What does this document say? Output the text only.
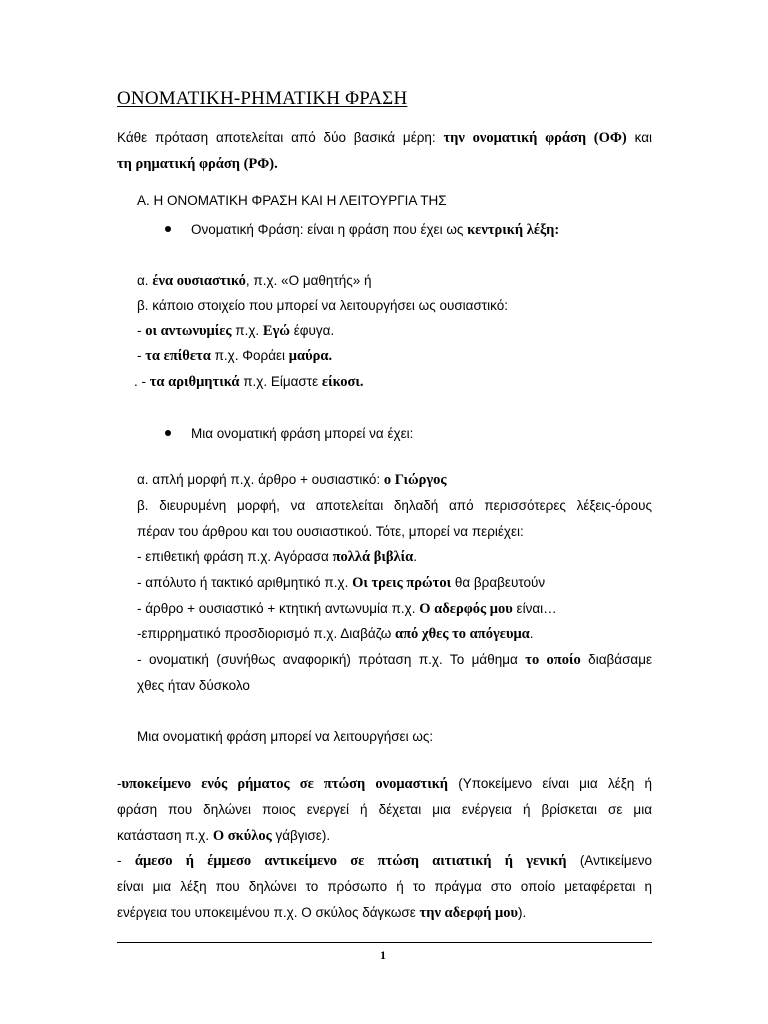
ΟΝΟΜΑΤΙΚΗ-ΡΗΜΑΤΙΚΗ ΦΡΑΣΗ
Κάθε πρόταση αποτελείται από δύο βασικά μέρη: την ονοματική φράση (ΟΦ) και
τη ρηματική φράση (ΡΦ).
Α. Η ΟΝΟΜΑΤΙΚΗ ΦΡΑΣΗ ΚΑΙ Η ΛΕΙΤΟΥΡΓΙΑ ΤΗΣ
Ονοματική Φράση: είναι η φράση που έχει ως κεντρική λέξη:
α. ένα ουσιαστικό, π.χ. «Ο μαθητής» ή
β. κάποιο στοιχείο που μπορεί να λειτουργήσει ως ουσιαστικό:
- οι αντωνυμίες π.χ. Εγώ έφυγα.
- τα επίθετα π.χ. Φοράει μαύρα.
. - τα αριθμητικά π.χ. Είμαστε είκοσι.
Μια ονοματική φράση μπορεί να έχει:
α. απλή μορφή π.χ. άρθρο + ουσιαστικό: ο Γιώργος
β. διευρυμένη μορφή, να αποτελείται δηλαδή από περισσότερες λέξεις-όρους
πέραν του άρθρου και του ουσιαστικού. Τότε, μπορεί να περιέχει:
- επιθετική φράση π.χ. Αγόρασα πολλά βιβλία.
- απόλυτο ή τακτικό αριθμητικό π.χ. Οι τρεις πρώτοι θα βραβευτούν
- άρθρο + ουσιαστικό + κτητική αντωνυμία π.χ. Ο αδερφός μου είναι…
-επιρρηματικό προσδιορισμό π.χ. Διαβάζω από χθες το απόγευμα.
- ονοματική (συνήθως αναφορική) πρόταση π.χ. Το μάθημα το οποίο διαβάσαμε
χθες ήταν δύσκολο
Μια ονοματική φράση μπορεί να λειτουργήσει ως:
-υποκείμενο ενός ρήματος σε πτώση ονομαστική (Υποκείμενο είναι μια λέξη ή
φράση που δηλώνει ποιος ενεργεί ή δέχεται μια ενέργεια ή βρίσκεται σε μια
κατάσταση π.χ. Ο σκύλος γάβγισε).
- άμεσο ή έμμεσο αντικείμενο σε πτώση αιτιατική ή γενική (Αντικείμενο
είναι μια λέξη που δηλώνει το πρόσωπο ή το πράγμα στο οποίο μεταφέρεται η
ενέργεια του υποκειμένου π.χ. Ο σκύλος δάγκωσε την αδερφή μου).
1
